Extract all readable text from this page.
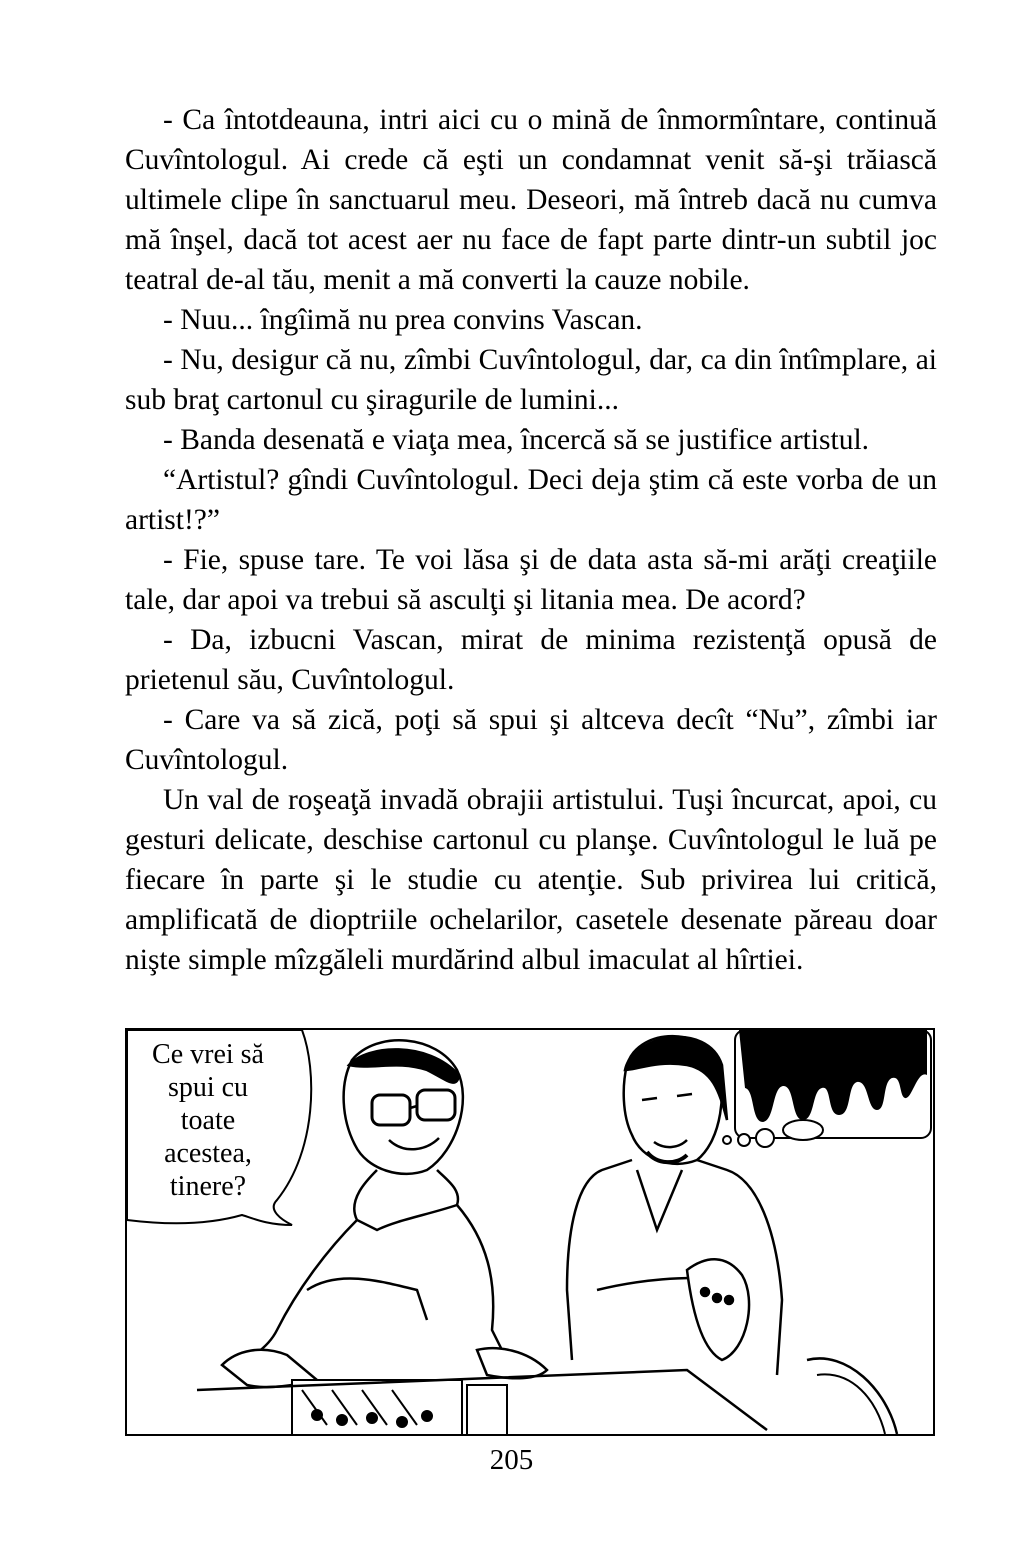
- Ca întotdeauna, intri aici cu o mină de înmormîntare, continuă Cuvîntologul. Ai crede că eşti un condamnat venit să-şi trăiască ultimele clipe în sanctuarul meu. Deseori, mă întreb dacă nu cumva mă înşel, dacă tot acest aer nu face de fapt parte dintr-un subtil joc teatral de-al tău, menit a mă converti la cauze nobile.

- Nuu... îngîimă nu prea convins Vascan.

- Nu, desigur că nu, zîmbi Cuvîntologul, dar, ca din întîmplare, ai sub braţ cartonul cu şiragurile de lumini...

- Banda desenată e viaţa mea, încercă să se justifice artistul.

“Artistul? gîndi Cuvîntologul. Deci deja ştim că este vorba de un artist!?”

- Fie, spuse tare. Te voi lăsa şi de data asta să-mi arăţi creaţiile tale, dar apoi va trebui să asculţi şi litania mea. De acord?

- Da, izbucni Vascan, mirat de minima rezistenţă opusă de prietenul său, Cuvîntologul.

- Care va să zică, poţi să spui şi altceva decît “Nu”, zîmbi iar Cuvîntologul.

Un val de roşeaţă invadă obrajii artistului. Tuşi încurcat, apoi, cu gesturi delicate, deschise cartonul cu planşe. Cuvîntologul le luă pe fiecare în parte şi le studie cu atenţie. Sub privirea lui critică, amplificată de dioptriile ochelarilor, casetele desenate păreau doar nişte simple mîzgăleli murdărind albul imaculat al hîrtiei.

Ce vrei să
spui cu
toate
acestea,
tinere?
205
